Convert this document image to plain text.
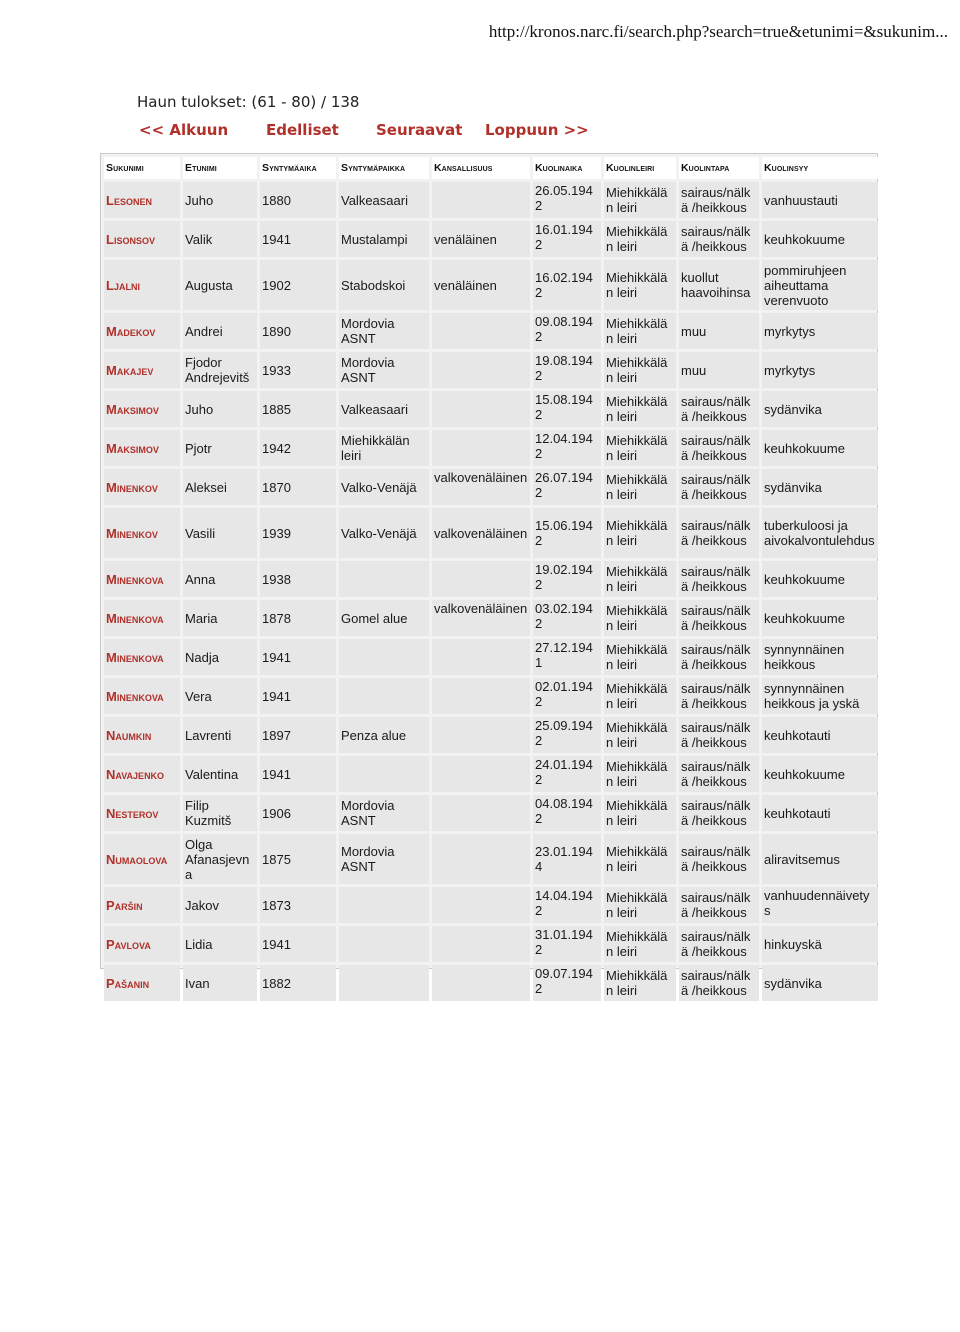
http://kronos.narc.fi/search.php?search=true&etunimi=&sukunim...
Haun tulokset: (61 - 80) / 138
<< Alkuun	Edelliset Seuraavat Loppuun >>
Sukunimi	Etunimi	Syntymäaika	Syntymäpaikka	Kansallisuus	Kuolinaika	Kuolinleiri	Kuolintapa	Kuolinsyy
Lesonen	Juho	1880	Valkeasaari		26.05.1942	Miehikkälän leiri	sairaus/nälkä /heikkous	vanhuustauti
Lisonsov	Valik	1941	Mustalampi	venäläinen	16.01.1942	Miehikkälän leiri	sairaus/nälkä /heikkous	keuhkokuume
Ljalni	Augusta	1902	Stabodskoi	venäläinen	16.02.1942	Miehikkälän leiri	kuollut haavoihinsa	pommiruhjeen aiheuttama verenvuoto
Madekov	Andrei	1890	Mordovia ASNT		09.08.1942	Miehikkälän leiri	muu	myrkytys
Makajev	Fjodor Andrejevitš	1933	Mordovia ASNT		19.08.1942	Miehikkälän leiri	muu	myrkytys
Maksimov	Juho	1885	Valkeasaari		15.08.1942	Miehikkälän leiri	sairaus/nälkä /heikkous	sydänvika
Maksimov	Pjotr	1942	Miehikkälän leiri		12.04.1942	Miehikkälän leiri	sairaus/nälkä /heikkous	keuhkokuume
Minenkov	Aleksei	1870	Valko-Venäjä	valkovenäläinen	26.07.1942	Miehikkälän leiri	sairaus/nälkä /heikkous	sydänvika
Minenkov	Vasili	1939	Valko-Venäjä	valkovenäläinen	15.06.1942	Miehikkälän leiri	sairaus/nälkä /heikkous	tuberkuloosi ja aivokalvontulehdus
Minenkova	Anna	1938			19.02.1942	Miehikkälän leiri	sairaus/nälkä /heikkous	keuhkokuume
Minenkova	Maria	1878	Gomel alue	valkovenäläinen	03.02.1942	Miehikkälän leiri	sairaus/nälkä /heikkous	keuhkokuume
Minenkova	Nadja	1941			27.12.1941	Miehikkälän leiri	sairaus/nälkä /heikkous	synnynnäinen heikkous
Minenkova	Vera	1941			02.01.1942	Miehikkälän leiri	sairaus/nälkä /heikkous	synnynnäinen heikkous ja yskä
Naumkin	Lavrenti	1897	Penza alue		25.09.1942	Miehikkälän leiri	sairaus/nälkä /heikkous	keuhkotauti
Navajenko	Valentina	1941			24.01.1942	Miehikkälän leiri	sairaus/nälkä /heikkous	keuhkokuume
Nesterov	Filip Kuzmitš	1906	Mordovia ASNT		04.08.1942	Miehikkälän leiri	sairaus/nälkä /heikkous	keuhkotauti
Numaolova	Olga Afanasjevna	1875	Mordovia ASNT		23.01.1944	Miehikkälän leiri	sairaus/nälkä /heikkous	aliravitsemus
Paršin	Jakov	1873			14.04.1942	Miehikkälän leiri	sairaus/nälkä /heikkous	vanhuudennäivetys
Pavlova	Lidia	1941			31.01.1942	Miehikkälän leiri	sairaus/nälkä /heikkous	hinkuyskä
Pašanin	Ivan	1882			09.07.1942	Miehikkälän leiri	sairaus/nälkä /heikkous	sydänvika
